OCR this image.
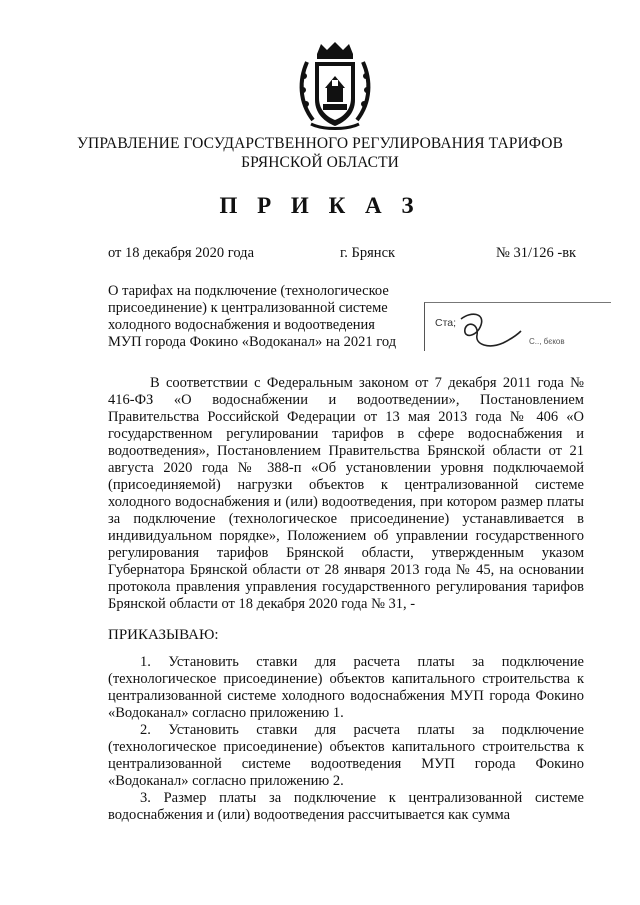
УПРАВЛЕНИЕ ГОСУДАРСТВЕННОГО РЕГУЛИРОВАНИЯ ТАРИФОВ
БРЯНСКОЙ ОБЛАСТИ
П Р И К А З
от 18 декабря 2020 года	г. Брянск	№ 31/126 -вк
О тарифах на подключение (технологическое присоединение) к централизованной системе холодного водоснабжения и водоотведения МУП города Фокино «Водоканал» на 2021 год
Ста;
С.., бєков
В соответствии с Федеральным законом от 7 декабря 2011 года № 416-ФЗ «О водоснабжении и водоотведении», Постановлением Правительства Российской Федерации от 13 мая 2013 года № 406 «О государственном регулировании тарифов в сфере водоснабжения и водоотведения», Постановлением Правительства Брянской области от 21 августа 2020 года № 388-п «Об установлении уровня подключаемой (присоединяемой) нагрузки объектов к централизованной системе холодного водоснабжения и (или) водоотведения, при котором размер платы за подключение (технологическое присоединение) устанавливается в индивидуальном порядке», Положением об управлении государственного регулирования тарифов Брянской области, утвержденным указом Губернатора Брянской области от 28 января 2013 года № 45, на основании протокола правления управления государственного регулирования тарифов Брянской области от 18 декабря 2020 года № 31, -
ПРИКАЗЫВАЮ:
1. Установить ставки для расчета платы за подключение (технологическое присоединение) объектов капитального строительства к централизованной системе холодного водоснабжения МУП города Фокино «Водоканал» согласно приложению 1.
2. Установить ставки для расчета платы за подключение (технологическое присоединение) объектов капитального строительства к централизованной системе водоотведения МУП города Фокино «Водоканал» согласно приложению 2.
3. Размер платы за подключение к централизованной системе водоснабжения и (или) водоотведения рассчитывается как сумма
